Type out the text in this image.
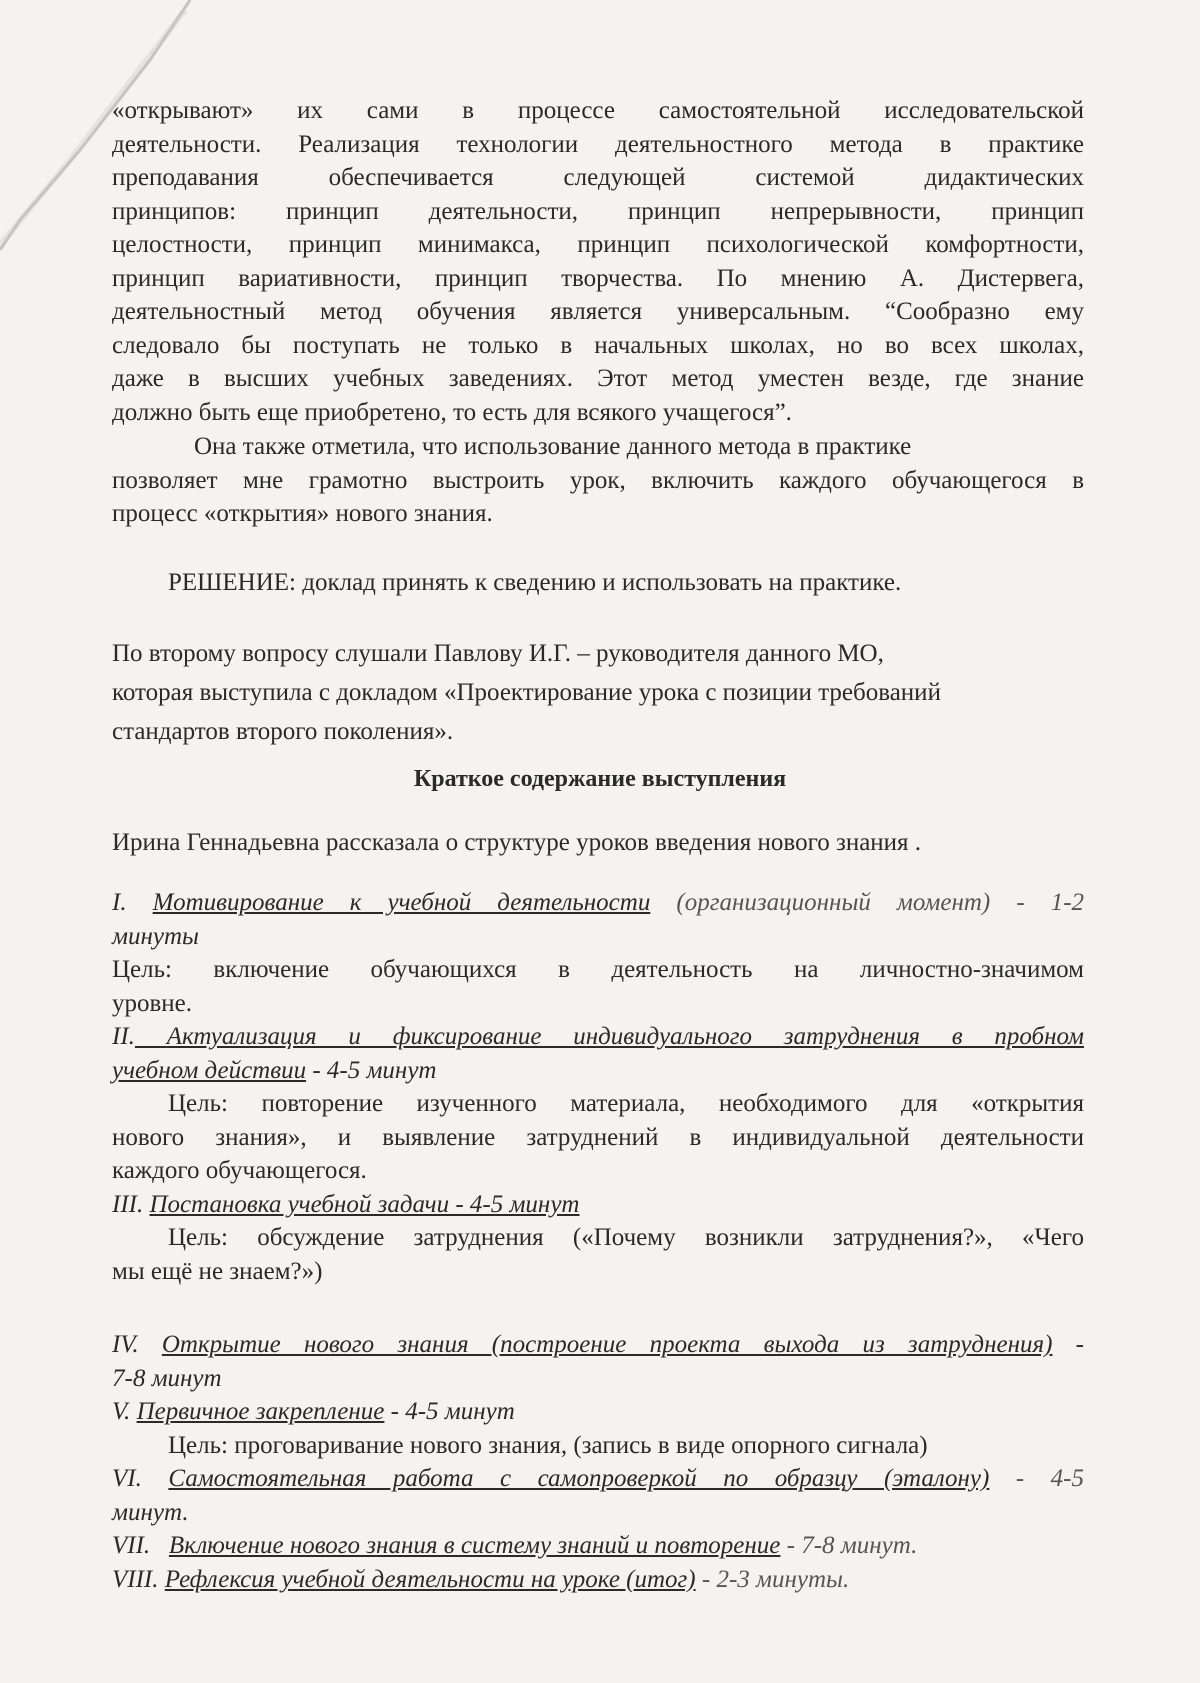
«открывают» их сами в процессе самостоятельной исследовательской
деятельности. Реализация технологии деятельностного метода в практике
преподавания обеспечивается следующей системой дидактических
принципов: принцип деятельности, принцип непрерывности, принцип
целостности, принцип минимакса, принцип психологической комфортности,
принцип вариативности, принцип творчества. По мнению А. Дистервега,
деятельностный метод обучения является универсальным. “Сообразно ему
следовало бы поступать не только в начальных школах, но во всех школах,
даже в высших учебных заведениях. Этот метод уместен везде, где знание
должно быть еще приобретено, то есть для всякого учащегося”.
Она также отметила, что использование данного метода в практике
позволяет мне грамотно выстроить урок, включить каждого обучающегося в
процесс «открытия» нового знания.
РЕШЕНИЕ: доклад принять к сведению и использовать на практике.
По второму вопросу слушали Павлову И.Г. – руководителя данного МО,
которая выступила с докладом «Проектирование урока с позиции требований
стандартов второго поколения».
Краткое содержание выступления
Ирина Геннадьевна рассказала о структуре уроков введения нового знания .
I. Мотивирование к учебной деятельности (организационный момент) - 1-2
минуты
Цель: включение обучающихся в деятельность на личностно-значимом
уровне.
II. Актуализация и фиксирование индивидуального затруднения в пробном
учебном действии - 4-5 минут
Цель: повторение изученного материала, необходимого для «открытия
нового знания», и выявление затруднений в индивидуальной деятельности
каждого обучающегося.
III. Постановка учебной задачи - 4-5 минут
Цель: обсуждение затруднения («Почему возникли затруднения?», «Чего
мы ещё не знаем?»)
IV. Открытие нового знания (построение проекта выхода из затруднения) -
7-8 минут
V. Первичное закрепление - 4-5 минут
Цель: проговаривание нового знания, (запись в виде опорного сигнала)
VI. Самостоятельная работа с самопроверкой по образцу (эталону) - 4-5
минут.
VII. Включение нового знания в систему знаний и повторение - 7-8 минут.
VIII. Рефлексия учебной деятельности на уроке (итог) - 2-3 минуты.
